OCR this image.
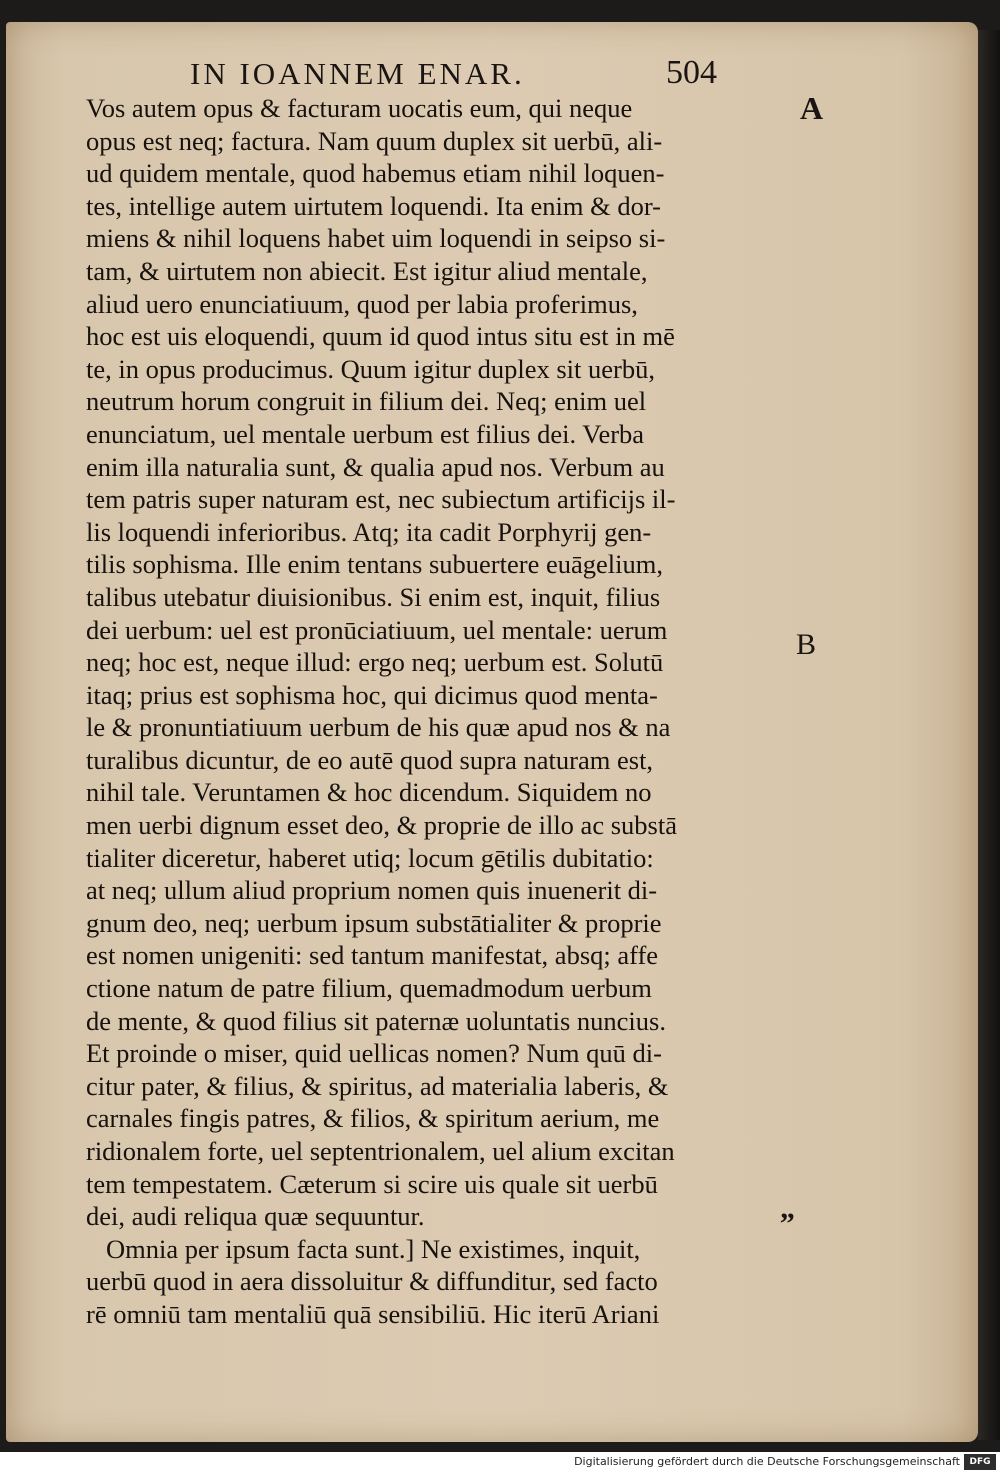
IN IOANNEM ENAR.	504
A
B
„
Vos autem opus & facturam uocatis eum, qui neque
opus est neq; factura. Nam quum duplex sit uerbū, ali-
ud quidem mentale, quod habemus etiam nihil loquen-
tes, intellige autem uirtutem loquendi. Ita enim & dor-
miens & nihil loquens habet uim loquendi in seipso si-
tam, & uirtutem non abiecit. Est igitur aliud mentale,
aliud uero enunciatiuum, quod per labia proferimus,
hoc est uis eloquendi, quum id quod intus situ est in mē
te, in opus producimus. Quum igitur duplex sit uerbū,
neutrum horum congruit in filium dei. Neq; enim uel
enunciatum, uel mentale uerbum est filius dei. Verba
enim illa naturalia sunt, & qualia apud nos. Verbum au
tem patris super naturam est, nec subiectum artificijs il-
lis loquendi inferioribus. Atq; ita cadit Porphyrij gen-
tilis sophisma. Ille enim tentans subuertere euāgelium,
talibus utebatur diuisionibus. Si enim est, inquit, filius
dei uerbum: uel est pronūciatiuum, uel mentale: uerum
neq; hoc est, neque illud: ergo neq; uerbum est. Solutū
itaq; prius est sophisma hoc, qui dicimus quod menta-
le & pronuntiatiuum uerbum de his quæ apud nos & na
turalibus dicuntur, de eo autē quod supra naturam est,
nihil tale. Veruntamen & hoc dicendum. Siquidem no
men uerbi dignum esset deo, & proprie de illo ac substā
tialiter diceretur, haberet utiq; locum gētilis dubitatio:
at neq; ullum aliud proprium nomen quis inuenerit di-
gnum deo, neq; uerbum ipsum substātialiter & proprie
est nomen unigeniti: sed tantum manifestat, absq; affe
ctione natum de patre filium, quemadmodum uerbum
de mente, & quod filius sit paternæ uoluntatis nuncius.
Et proinde o miser, quid uellicas nomen? Num quū di-
citur pater, & filius, & spiritus, ad materialia laberis, &
carnales fingis patres, & filios, & spiritum aerium, me
ridionalem forte, uel septentrionalem, uel alium excitan
tem tempestatem. Cæterum si scire uis quale sit uerbū
dei, audi reliqua quæ sequuntur.
Omnia per ipsum facta sunt.] Ne existimes, inquit,
uerbū quod in aera dissoluitur & diffunditur, sed facto
rē omniū tam mentaliū quā sensibiliū. Hic iterū Ariani
Digitalisierung gefördert durch die Deutsche Forschungsgemeinschaft	DFG
